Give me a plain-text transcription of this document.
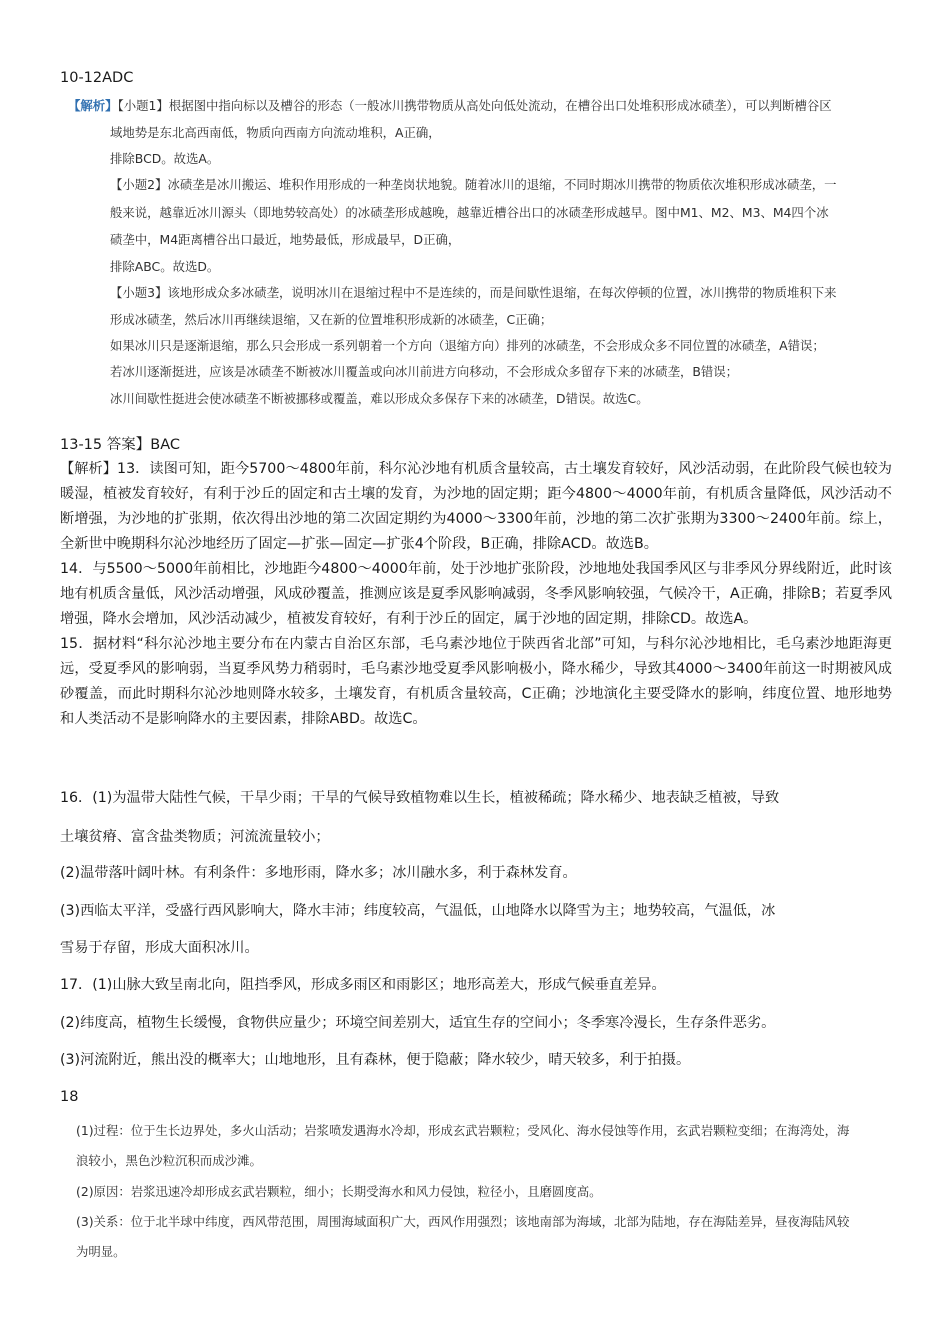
10-12ADC
【解析】【小题1】根据图中指向标以及槽谷的形态（一般冰川携带物质从高处向低处流动，在槽谷出口处堆积形成冰碛垄），可以判断槽谷区
域地势是东北高西南低，物质向西南方向流动堆积，A正确，
排除BCD。故选A。
【小题2】冰碛垄是冰川搬运、堆积作用形成的一种垄岗状地貌。随着冰川的退缩，不同时期冰川携带的物质依次堆积形成冰碛垄，一
般来说，越靠近冰川源头（即地势较高处）的冰碛垄形成越晚，越靠近槽谷出口的冰碛垄形成越早。图中M1、M2、M3、M4四个冰
碛垄中，M4距离槽谷出口最近，地势最低，形成最早，D正确，
排除ABC。故选D。
【小题3】该地形成众多冰碛垄，说明冰川在退缩过程中不是连续的，而是间歇性退缩，在每次停顿的位置，冰川携带的物质堆积下来
形成冰碛垄，然后冰川再继续退缩，又在新的位置堆积形成新的冰碛垄，C正确；
如果冰川只是逐渐退缩，那么只会形成一系列朝着一个方向（退缩方向）排列的冰碛垄，不会形成众多不同位置的冰碛垄，A错误；
若冰川逐渐挺进，应该是冰碛垄不断被冰川覆盖或向冰川前进方向移动，不会形成众多留存下来的冰碛垄，B错误；
冰川间歇性挺进会使冰碛垄不断被挪移或覆盖，难以形成众多保存下来的冰碛垄，D错误。故选C。
13-15 答案】BAC

【解析】13．读图可知，距今5700～4800年前，科尔沁沙地有机质含量较高，古土壤发育较好，风沙活动弱，在此阶段气候也较为暖湿，植被发育较好，有利于沙丘的固定和古土壤的发育，为沙地的固定期；距今4800～4000年前，有机质含量降低，风沙活动不断增强，为沙地的扩张期，依次得出沙地的第二次固定期约为4000～3300年前，沙地的第二次扩张期为3300～2400年前。综上，全新世中晚期科尔沁沙地经历了固定—扩张—固定—扩张4个阶段，B正确，排除ACD。故选B。

14．与5500～5000年前相比，沙地距今4800～4000年前，处于沙地扩张阶段，沙地地处我国季风区与非季风分界线附近，此时该地有机质含量低，风沙活动增强，风成砂覆盖，推测应该是夏季风影响减弱，冬季风影响较强，气候冷干，A正确，排除B；若夏季风增强，降水会增加，风沙活动减少，植被发育较好，有利于沙丘的固定，属于沙地的固定期，排除CD。故选A。

15．据材料“科尔沁沙地主要分布在内蒙古自治区东部，毛乌素沙地位于陕西省北部”可知，与科尔沁沙地相比，毛乌素沙地距海更远，受夏季风的影响弱，当夏季风势力稍弱时，毛乌素沙地受夏季风影响极小，降水稀少，导致其4000～3400年前这一时期被风成砂覆盖，而此时期科尔沁沙地则降水较多，土壤发育，有机质含量较高，C正确；沙地演化主要受降水的影响，纬度位置、地形地势和人类活动不是影响降水的主要因素，排除ABD。故选C。

16．(1)为温带大陆性气候，干旱少雨；干旱的气候导致植物难以生长，植被稀疏；降水稀少、地表缺乏植被，导致
土壤贫瘠、富含盐类物质；河流流量较小；
(2)温带落叶阔叶林。有利条件：多地形雨，降水多；冰川融水多，利于森林发育。
(3)西临太平洋，受盛行西风影响大，降水丰沛；纬度较高，气温低，山地降水以降雪为主；地势较高，气温低，冰
雪易于存留，形成大面积冰川。
17．(1)山脉大致呈南北向，阻挡季风，形成多雨区和雨影区；地形高差大，形成气候垂直差异。
(2)纬度高，植物生长缓慢，食物供应量少；环境空间差别大，适宜生存的空间小；冬季寒冷漫长，生存条件恶劣。
(3)河流附近，熊出没的概率大；山地地形，且有森林，便于隐蔽；降水较少，晴天较多，利于拍摄。
18
(1)过程：位于生长边界处，多火山活动；岩浆喷发遇海水冷却，形成玄武岩颗粒；受风化、海水侵蚀等作用，玄武岩颗粒变细；在海湾处，海
浪较小，黑色沙粒沉积而成沙滩。
(2)原因：岩浆迅速冷却形成玄武岩颗粒，细小；长期受海水和风力侵蚀，粒径小，且磨圆度高。
(3)关系：位于北半球中纬度，西风带范围，周围海域面积广大，西风作用强烈；该地南部为海域，北部为陆地，存在海陆差异，昼夜海陆风较
为明显。
